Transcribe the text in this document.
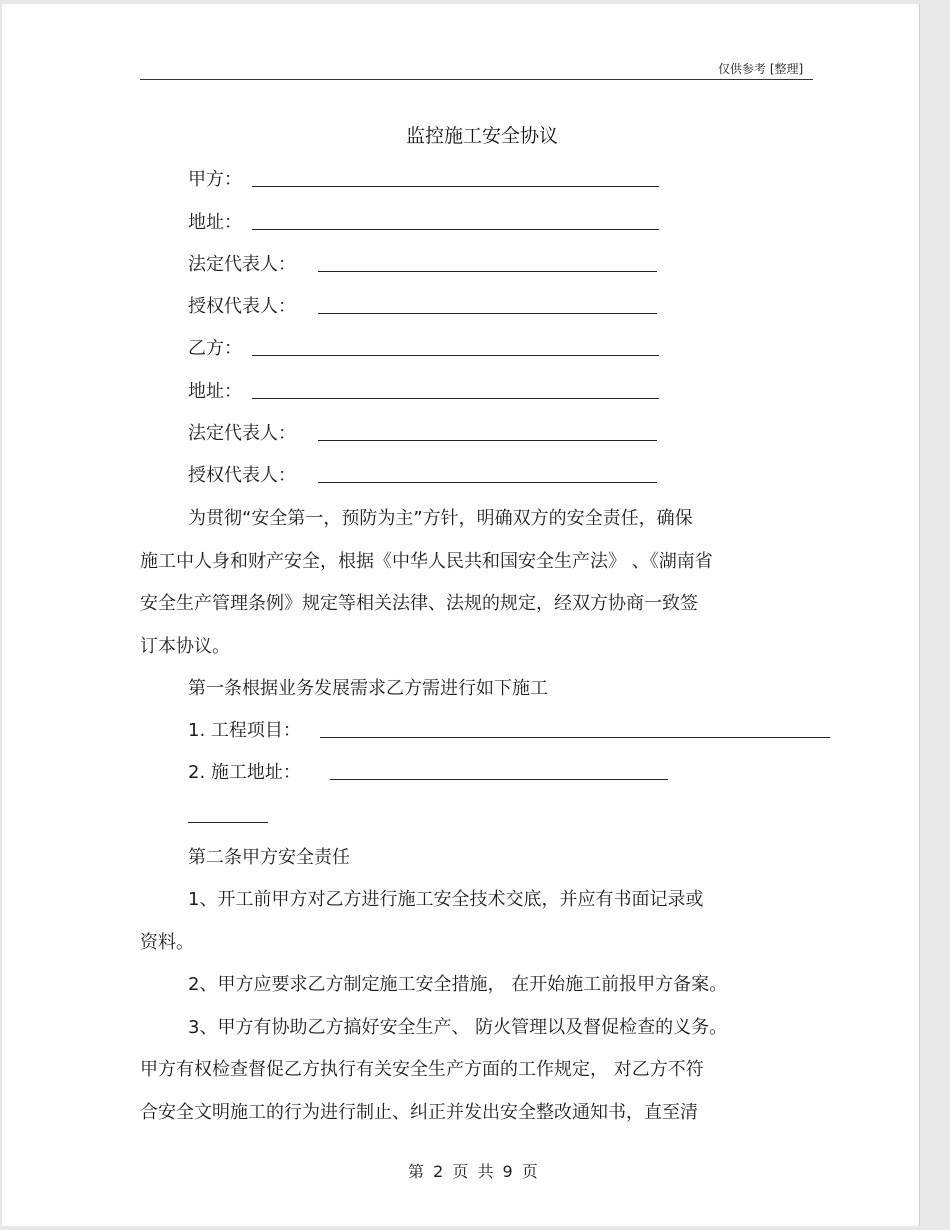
仅供参考 [整理]
监控施工安全协议
甲方：
地址：
法定代表人：
授权代表人：
乙方：
地址：
法定代表人：
授权代表人：
为贯彻“安全第一，预防为主”方针，明确双方的安全责任，确保
施工中人身和财产安全，根据《中华人民共和国安全生产法》 、《湖南省
安全生产管理条例》规定等相关法律、法规的规定，经双方协商一致签
订本协议。
第一条根据业务发展需求乙方需进行如下施工
1. 工程项目：
2. 施工地址：
第二条甲方安全责任
1、开工前甲方对乙方进行施工安全技术交底，并应有书面记录或
资料。
2、甲方应要求乙方制定施工安全措施， 在开始施工前报甲方备案。
3、甲方有协助乙方搞好安全生产、 防火管理以及督促检查的义务。
甲方有权检查督促乙方执行有关安全生产方面的工作规定， 对乙方不符
合安全文明施工的行为进行制止、纠正并发出安全整改通知书，直至清
第 2 页 共 9 页
